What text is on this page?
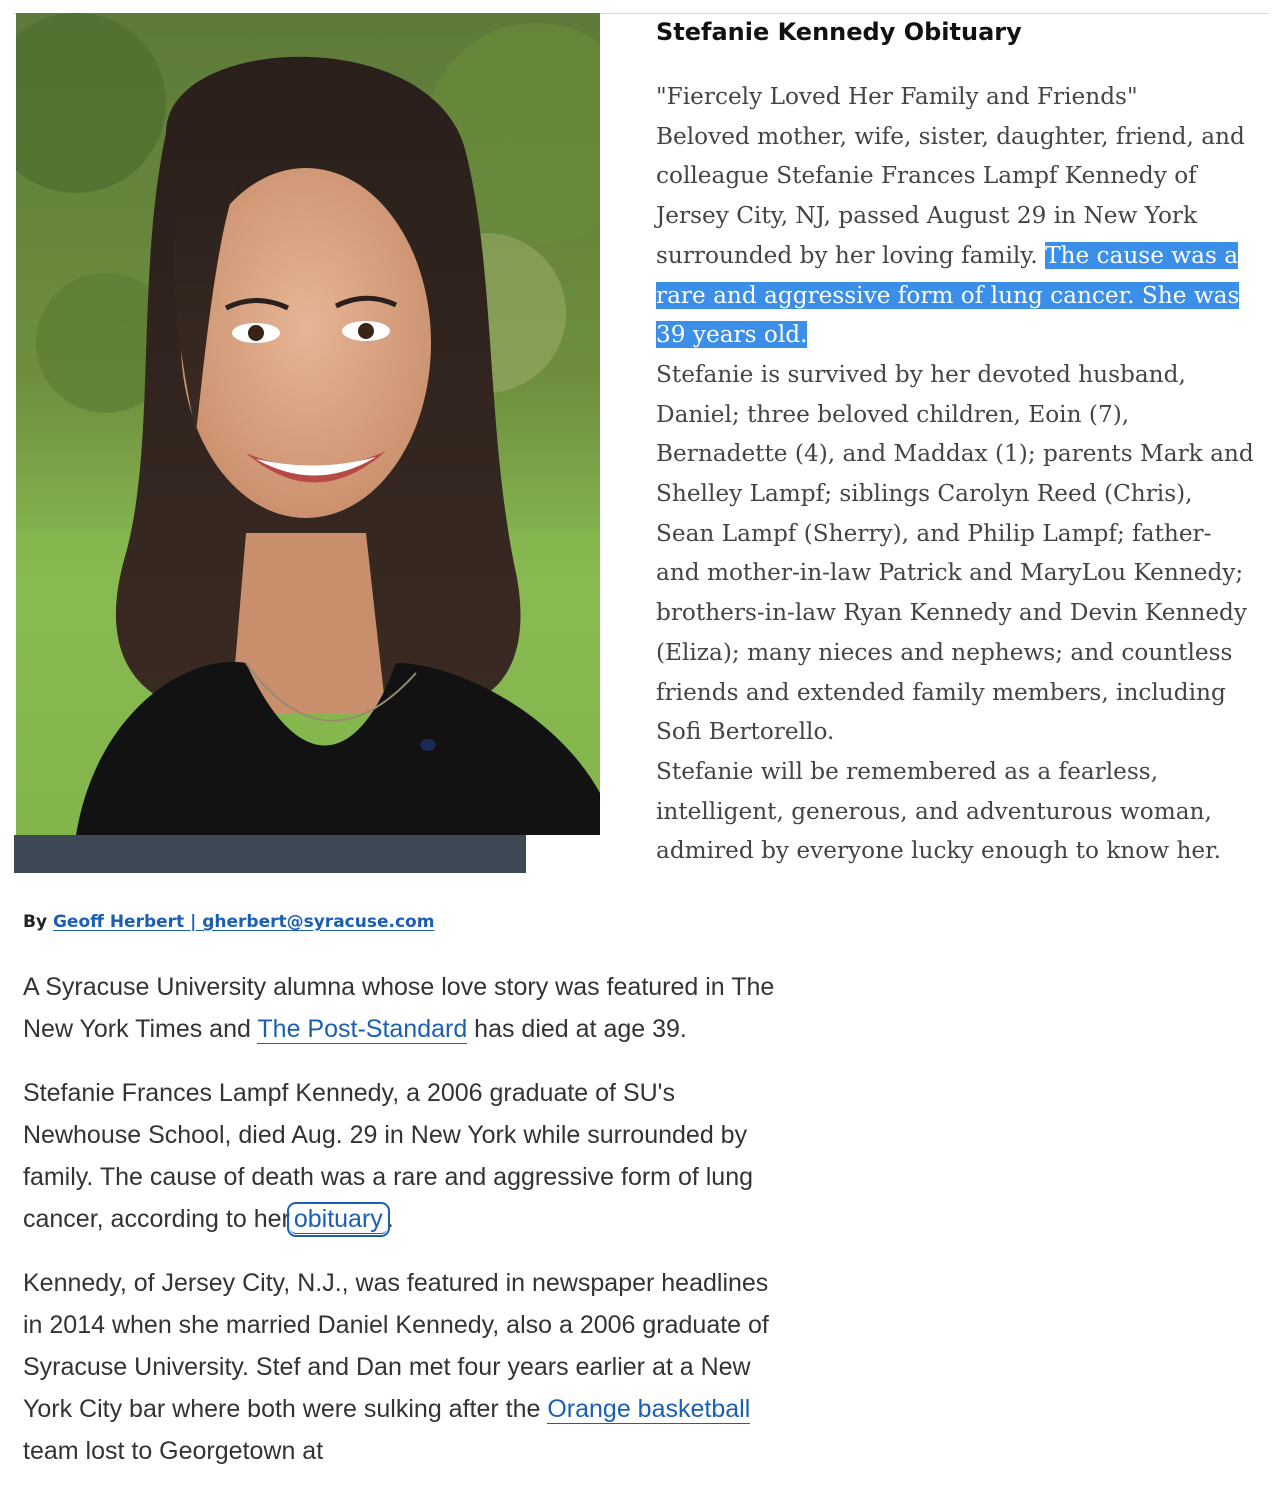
Stefanie Kennedy Obituary

"Fiercely Loved Her Family and Friends"

Beloved mother, wife, sister, daughter, friend, and colleague Stefanie Frances Lampf Kennedy of Jersey City, NJ, passed August 29 in New York surrounded by her loving family. The cause was a rare and aggressive form of lung cancer. She was 39 years old.

Stefanie is survived by her devoted husband, Daniel; three beloved children, Eoin (7), Bernadette (4), and Maddax (1); parents Mark and Shelley Lampf; siblings Carolyn Reed (Chris), Sean Lampf (Sherry), and Philip Lampf; father- and mother-in-law Patrick and MaryLou Kennedy; brothers-in-law Ryan Kennedy and Devin Kennedy (Eliza); many nieces and nephews; and countless friends and extended family members, including Sofi Bertorello.

Stefanie will be remembered as a fearless, intelligent, generous, and adventurous woman, admired by everyone lucky enough to know her.

By Geoff Herbert | gherbert@syracuse.com

A Syracuse University alumna whose love story was featured in The New York Times and The Post-Standard has died at age 39.

Stefanie Frances Lampf Kennedy, a 2006 graduate of SU's Newhouse School, died Aug. 29 in New York while surrounded by family. The cause of death was a rare and aggressive form of lung cancer, according to her obituary .

Kennedy, of Jersey City, N.J., was featured in newspaper headlines in 2014 when she married Daniel Kennedy, also a 2006 graduate of Syracuse University. Stef and Dan met four years earlier at a New York City bar where both were sulking after the Orange basketball team lost to Georgetown at
